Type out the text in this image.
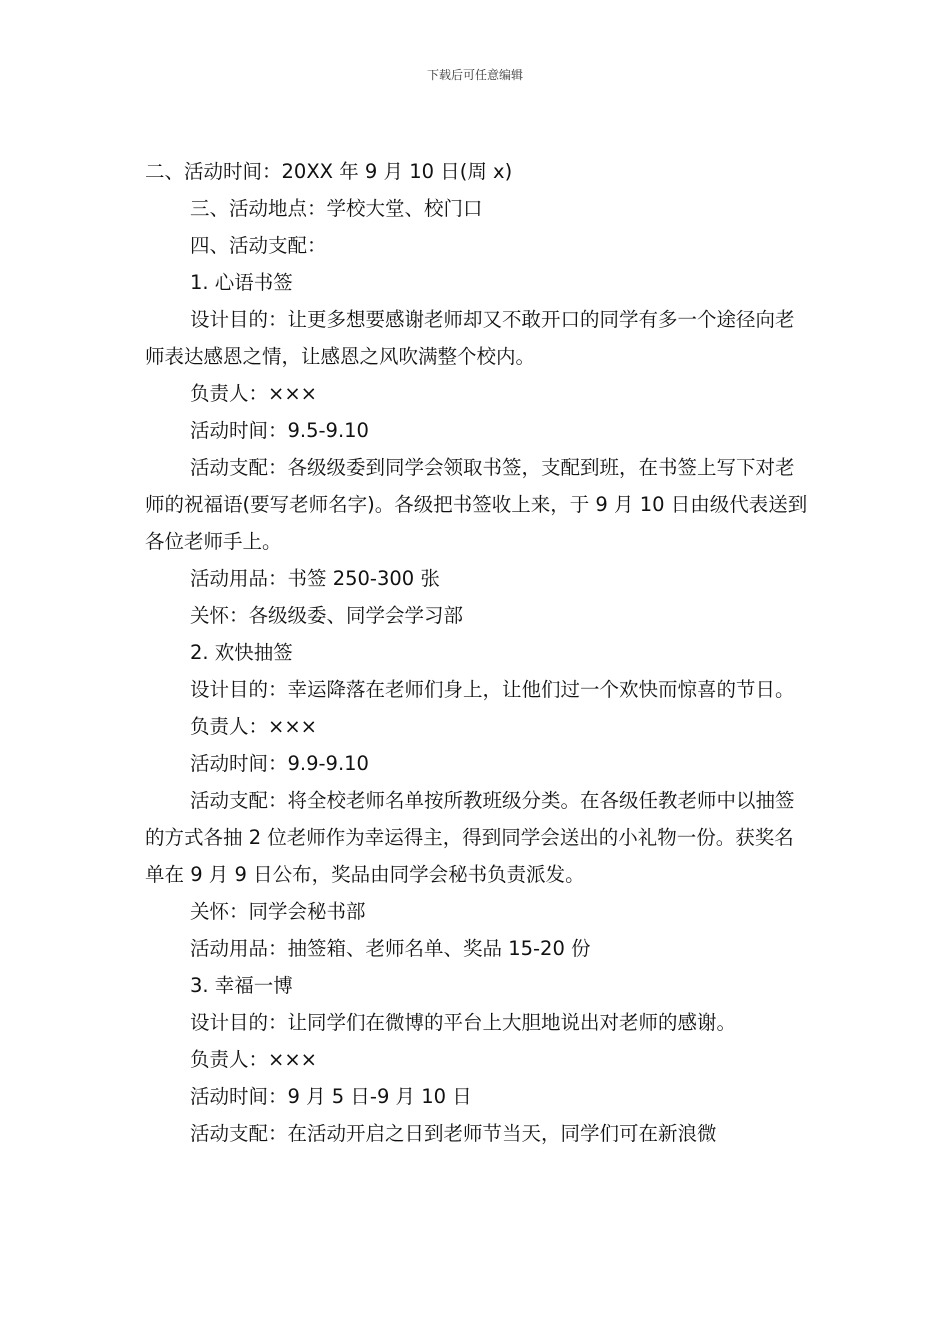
下载后可任意编辑

二、活动时间：20XX 年 9 月 10 日(周 x)

三、活动地点：学校大堂、校门口

四、活动支配：

1. 心语书签

设计目的：让更多想要感谢老师却又不敢开口的同学有多一个途径向老师表达感恩之情，让感恩之风吹满整个校内。

负责人：×××

活动时间：9.5-9.10

活动支配：各级级委到同学会领取书签，支配到班，在书签上写下对老师的祝福语(要写老师名字)。各级把书签收上来，于 9 月 10 日由级代表送到各位老师手上。

活动用品：书签 250-300 张

关怀：各级级委、同学会学习部

2. 欢快抽签

设计目的：幸运降落在老师们身上，让他们过一个欢快而惊喜的节日。

负责人：×××

活动时间：9.9-9.10

活动支配：将全校老师名单按所教班级分类。在各级任教老师中以抽签的方式各抽 2 位老师作为幸运得主，得到同学会送出的小礼物一份。获奖名单在 9 月 9 日公布，奖品由同学会秘书负责派发。

关怀：同学会秘书部

活动用品：抽签箱、老师名单、奖品 15-20 份

3. 幸福一博

设计目的：让同学们在微博的平台上大胆地说出对老师的感谢。

负责人：×××

活动时间：9 月 5 日-9 月 10 日

活动支配：在活动开启之日到老师节当天，同学们可在新浪微
